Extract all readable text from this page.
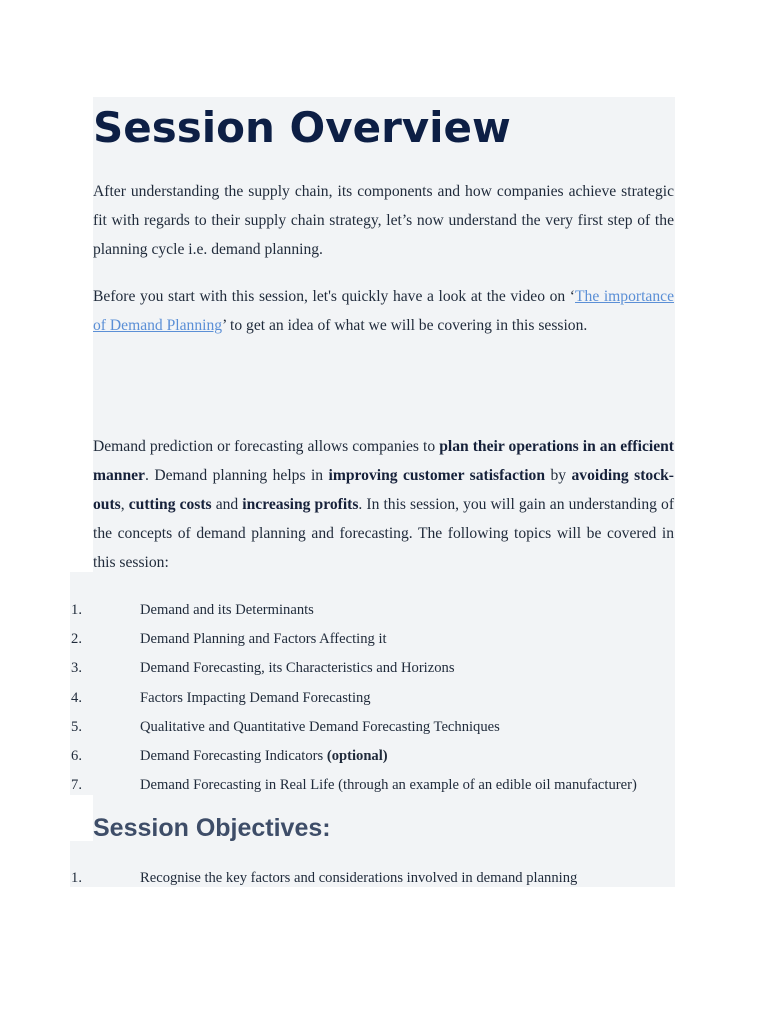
Session Overview

After understanding the supply chain, its components and how companies achieve strategic fit with regards to their supply chain strategy, let’s now understand the very first step of the planning cycle i.e. demand planning.

Before you start with this session, let's quickly have a look at the video on ‘The importance of Demand Planning’ to get an idea of what we will be covering in this session.

Demand prediction or forecasting allows companies to plan their operations in an efficient manner. Demand planning helps in improving customer satisfaction by avoiding stock-outs, cutting costs and increasing profits. In this session, you will gain an understanding of the concepts of demand planning and forecasting. The following topics will be covered in this session:

1.	Demand and its Determinants
2.	Demand Planning and Factors Affecting it
3.	Demand Forecasting, its Characteristics and Horizons
4.	Factors Impacting Demand Forecasting
5.	Qualitative and Quantitative Demand Forecasting Techniques
6.	Demand Forecasting Indicators (optional)
7.	Demand Forecasting in Real Life (through an example of an edible oil manufacturer)
Session Objectives:
1.	Recognise the key factors and considerations involved in demand planning
